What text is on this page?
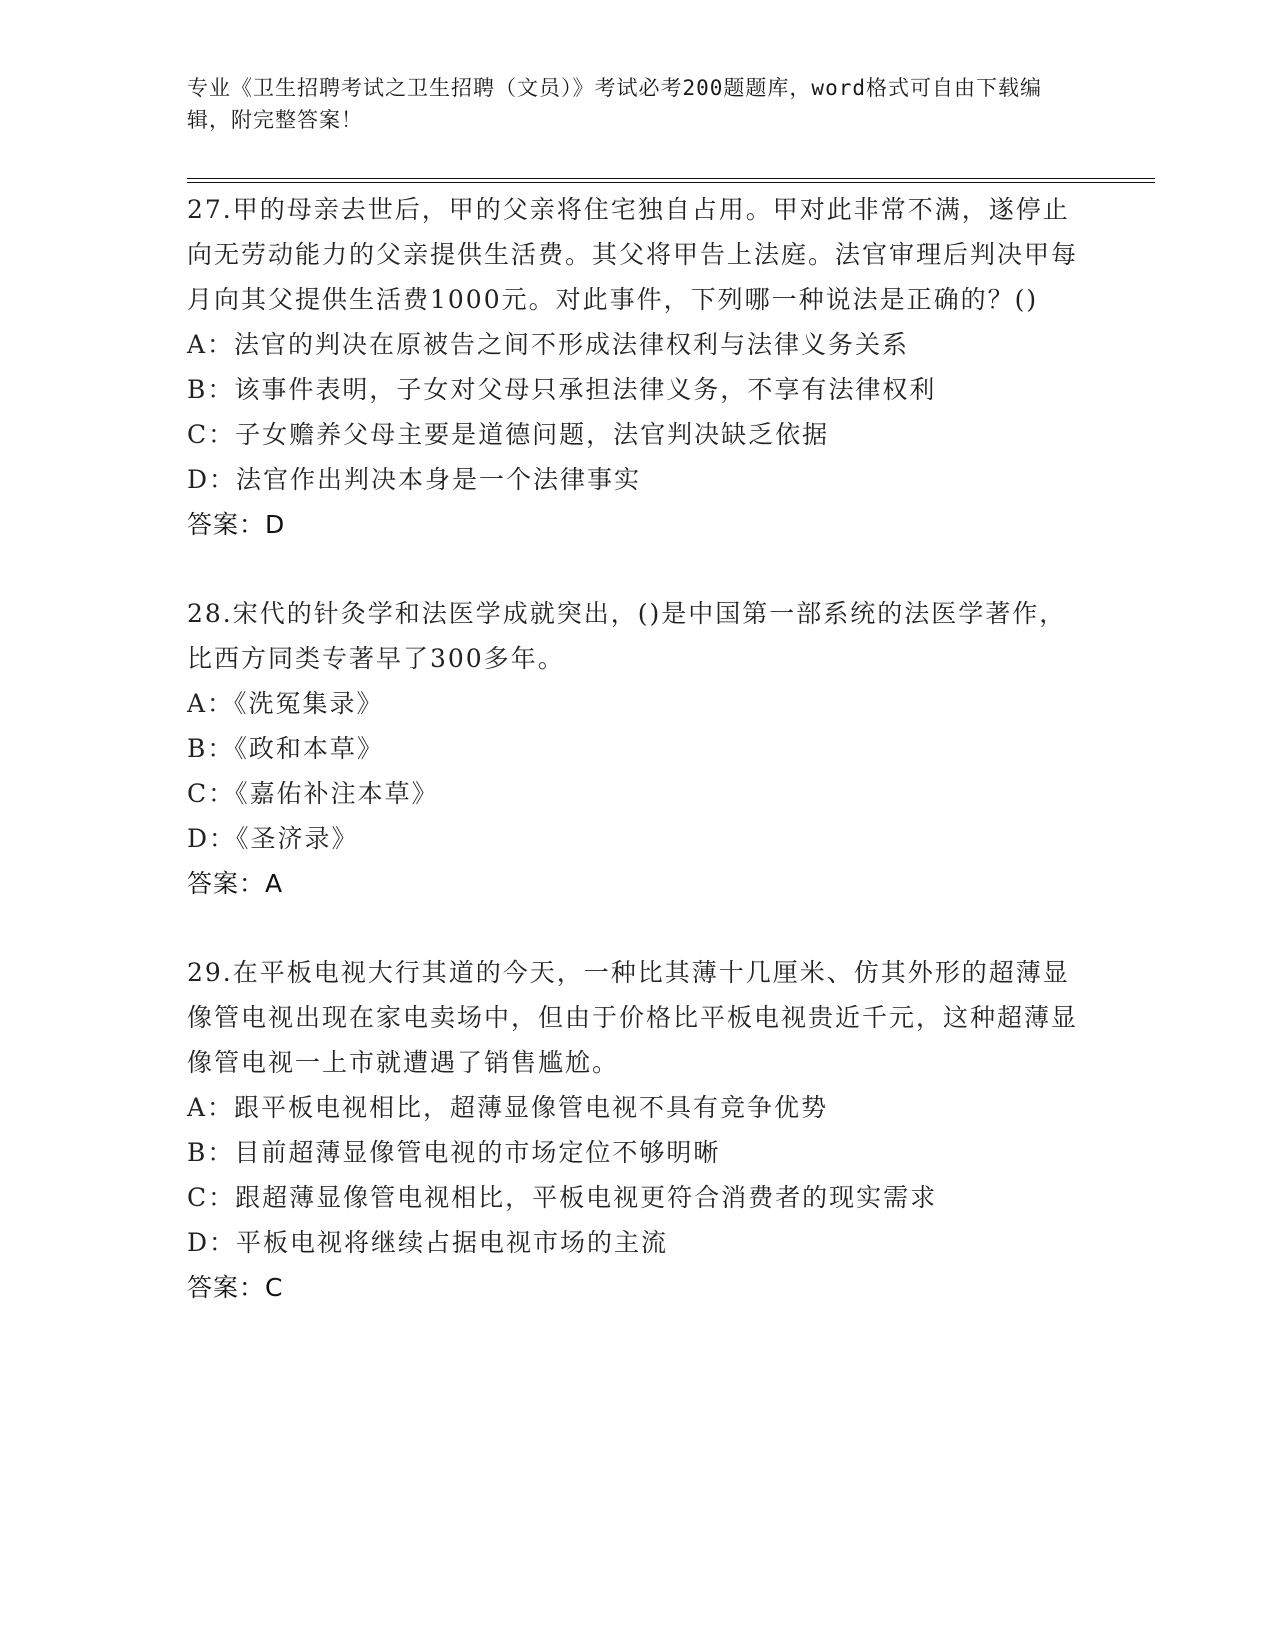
专业《卫生招聘考试之卫生招聘（文员）》考试必考200题题库，word格式可自由下载编辑，附完整答案！

27.甲的母亲去世后，甲的父亲将住宅独自占用。甲对此非常不满，遂停止向无劳动能力的父亲提供生活费。其父将甲告上法庭。法官审理后判决甲每月向其父提供生活费1000元。对此事件，下列哪一种说法是正确的？()

A：法官的判决在原被告之间不形成法律权利与法律义务关系

B：该事件表明，子女对父母只承担法律义务，不享有法律权利

C：子女赡养父母主要是道德问题，法官判决缺乏依据

D：法官作出判决本身是一个法律事实

答案：D

28.宋代的针灸学和法医学成就突出，()是中国第一部系统的法医学著作，比西方同类专著早了300多年。

A：《洗冤集录》

B：《政和本草》

C：《嘉佑补注本草》

D：《圣济录》

答案：A

29.在平板电视大行其道的今天，一种比其薄十几厘米、仿其外形的超薄显像管电视出现在家电卖场中，但由于价格比平板电视贵近千元，这种超薄显像管电视一上市就遭遇了销售尴尬。

A：跟平板电视相比，超薄显像管电视不具有竞争优势

B：目前超薄显像管电视的市场定位不够明晰

C：跟超薄显像管电视相比，平板电视更符合消费者的现实需求

D：平板电视将继续占据电视市场的主流

答案：C
